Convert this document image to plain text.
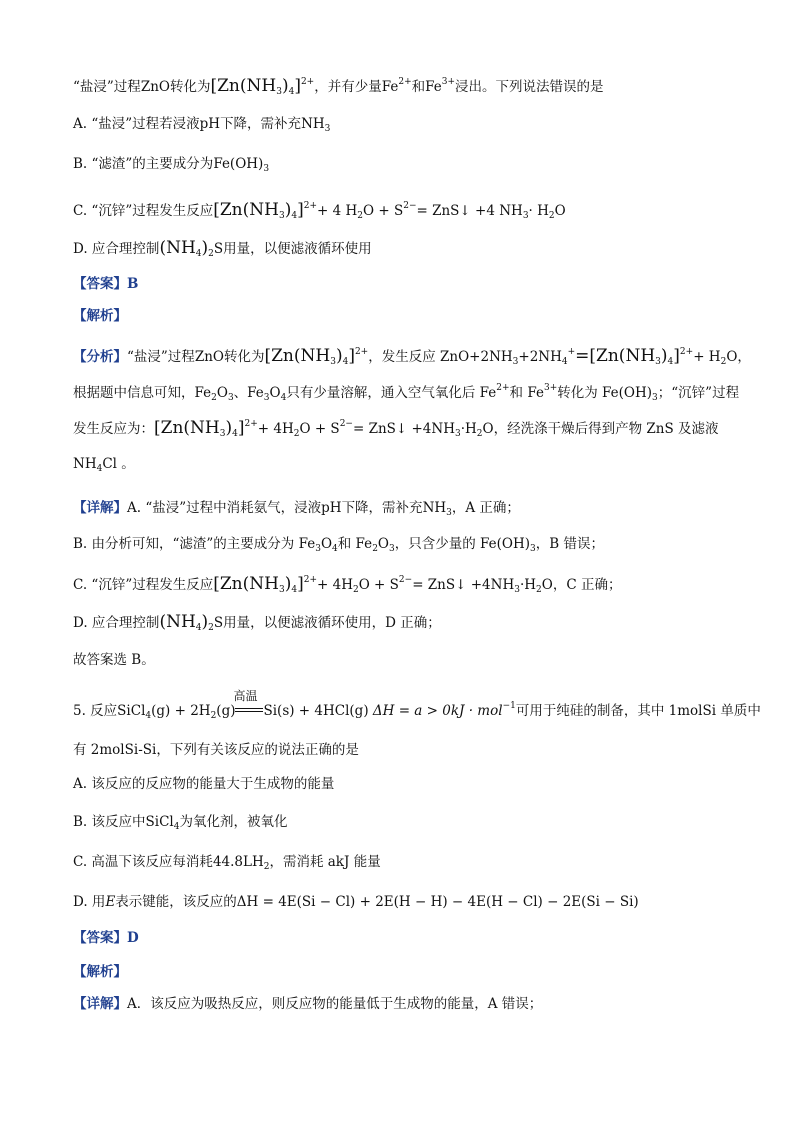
“盐浸”过程ZnO转化为$[Zn(NH_3)_4]^{2+}$，并有少量$Fe^{2+}$和$Fe^{3+}$浸出。下列说法错误的是
A. “盐浸”过程若浸液pH下降，需补充$NH_3$
B. “滤渣”的主要成分为$Fe(OH)_3$
C. “沉锌”过程发生反应$[Zn(NH_3)_4]^{2+}+ 4$ $H_2O + S^{2-}=$ ZnS↓ +4 $NH_3\cdot H_2O$
D. 应合理控制$(NH_4)_2S$用量，以便滤液循环使用
【答案】B
【解析】
【分析】“盐浸”过程ZnO转化为$[Zn(NH_3)_4]^{2+}$，发生反应 $ZnO+2NH_3+2NH_4^+=[Zn(NH_3)_4]^{2+}+ H_2O$，
根据题中信息可知，$Fe_2O_3$、$Fe_3O_4$只有少量溶解，通入空气氧化后 $Fe^{2+}$和 $Fe^{3+}$转化为 $Fe(OH)_3$；“沉锌”过程
发生反应为：$[Zn(NH_3)_4]^{2+}+ 4H_2O + S^{2-}=$ ZnS↓ $+4NH_3\cdot H_2O$，经洗涤干燥后得到产物 ZnS 及滤液
$NH_4Cl$ 。
【详解】A. “盐浸”过程中消耗氨气，浸液pH下降，需补充$NH_3$，A 正确；
B. 由分析可知，“滤渣”的主要成分为 $Fe_3O_4$和 $Fe_2O_3$，只含少量的 $Fe(OH)_3$，B 错误；
C. “沉锌”过程发生反应$[Zn(NH_3)_4]^{2+}+ 4H_2O + S^{2-}=$ ZnS↓ $+4NH_3\cdot H_2O$，C 正确；
D. 应合理控制$(NH_4)_2S$用量，以便滤液循环使用，D 正确；
故答案选 B。
5. 反应SiCl$_4$(g) + $2H_2(g)$
高温
Si(s) + 4HCl(g) ΔH = a > 0kJ · mol$^{-1}$可用于纯硅的制备，其中 1molSi 单质中
有 2molSi-Si，下列有关该反应的说法正确的是
A. 该反应的反应物的能量大于生成物的能量
B. 该反应中SiCl$_4$为氧化剂，被氧化
C. 高温下该反应每消耗$44.8LH_2$，需消耗 akJ 能量
D. 用E表示键能，该反应的ΔH = 4E(Si − Cl) + 2E(H − H) − 4E(H − Cl) − 2E(Si − Si)
【答案】D
【解析】
【详解】A．该反应为吸热反应，则反应物的能量低于生成物的能量，A 错误；
